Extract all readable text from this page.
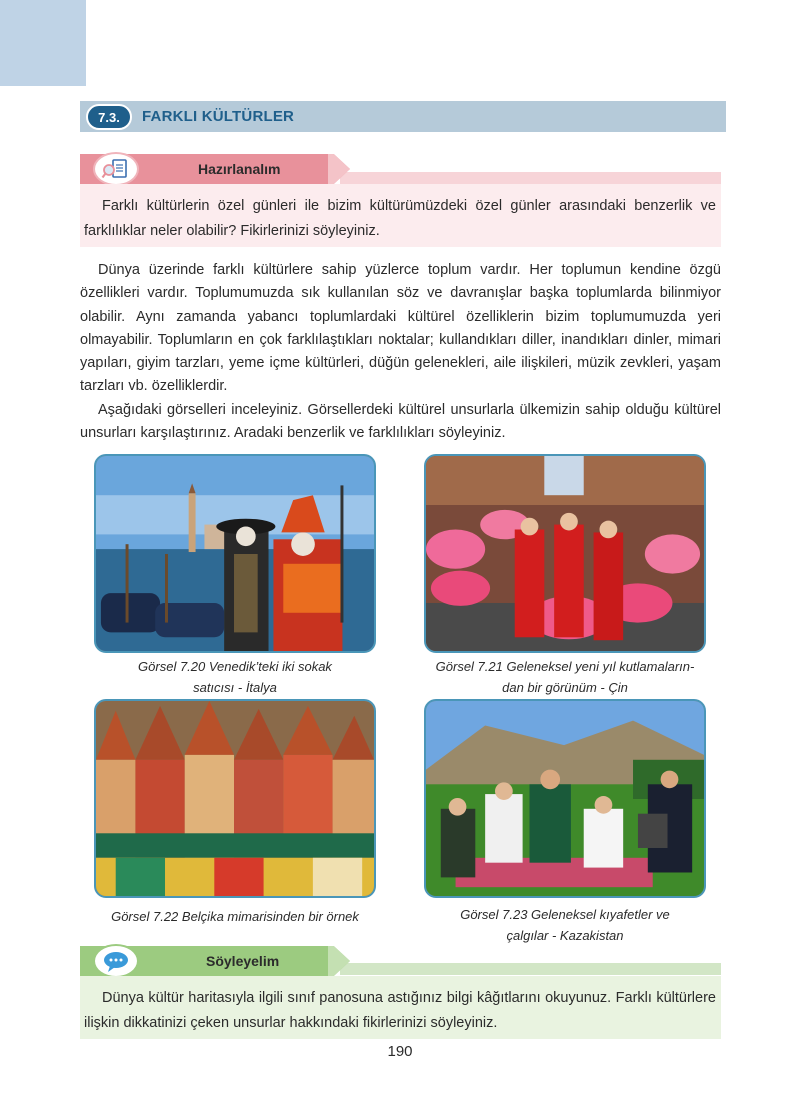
7.3.	FARKLI KÜLTÜRLER
Hazırlanalım
Farklı kültürlerin özel günleri ile bizim kültürümüzdeki özel günler arasındaki benzerlik ve farklılıklar neler olabilir? Fikirlerinizi söyleyiniz.

Dünya üzerinde farklı kültürlere sahip yüzlerce toplum vardır. Her toplumun kendine özgü özellikleri vardır. Toplumumuzda sık kullanılan söz ve davranışlar başka toplumlarda bilinmiyor olabilir. Aynı zamanda yabancı toplumlardaki kültürel özelliklerin bizim toplumumuzda yeri olmayabilir. Toplumların en çok farklılaştıkları noktalar; kullandıkları diller, inandıkları dinler, mimari yapıları, giyim tarzları, yeme içme kültürleri, düğün gelenekleri, aile ilişkileri, müzik zevkleri, yaşam tarzları vb. özelliklerdir.

Aşağıdaki görselleri inceleyiniz. Görsellerdeki kültürel unsurlarla ülkemizin sahip olduğu kültürel unsurları karşılaştırınız. Aradaki benzerlik ve farklılıkları söyleyiniz.

Görsel 7.20 Venedik’teki iki sokak
satıcısı - İtalya
Görsel 7.21 Geleneksel yeni yıl kutlamaların-
dan bir görünüm - Çin
Görsel 7.22 Belçika mimarisinden bir örnek	Görsel 7.23 Geleneksel kıyafetler ve
çalgılar - Kazakistan
Söyleyelim
Dünya kültür haritasıyla ilgili sınıf panosuna astığınız bilgi kâğıtlarını okuyunuz. Farklı kültürlere ilişkin dikkatinizi çeken unsurlar hakkındaki fikirlerinizi söyleyiniz.
190
